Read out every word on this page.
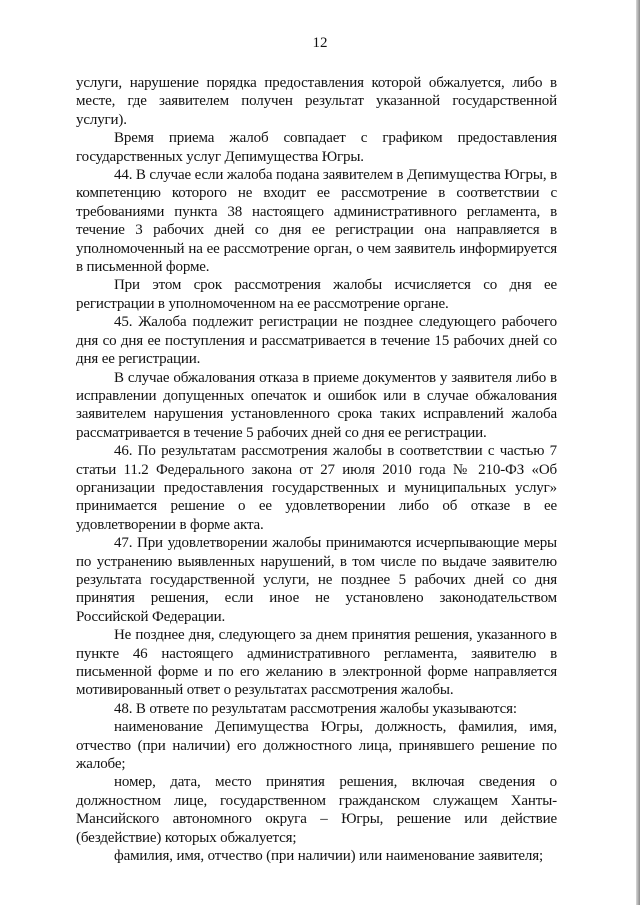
12

услуги, нарушение порядка предоставления которой обжалуется, либо в месте, где заявителем получен результат указанной государственной услуги).

Время приема жалоб совпадает с графиком предоставления государственных услуг Депимущества Югры.

44. В случае если жалоба подана заявителем в Депимущества Югры, в компетенцию которого не входит ее рассмотрение в соответствии с требованиями пункта 38 настоящего административного регламента, в течение 3 рабочих дней со дня ее регистрации она направляется в уполномоченный на ее рассмотрение орган, о чем заявитель информируется в письменной форме.

При этом срок рассмотрения жалобы исчисляется со дня ее регистрации в уполномоченном на ее рассмотрение органе.

45. Жалоба подлежит регистрации не позднее следующего рабочего дня со дня ее поступления и рассматривается в течение 15 рабочих дней со дня ее регистрации.

В случае обжалования отказа в приеме документов у заявителя либо в исправлении допущенных опечаток и ошибок или в случае обжалования заявителем нарушения установленного срока таких исправлений жалоба рассматривается в течение 5 рабочих дней со дня ее регистрации.

46. По результатам рассмотрения жалобы в соответствии с частью 7 статьи 11.2 Федерального закона от 27 июля 2010 года № 210-ФЗ «Об организации предоставления государственных и муниципальных услуг» принимается решение о ее удовлетворении либо об отказе в ее удовлетворении в форме акта.

47. При удовлетворении жалобы принимаются исчерпывающие меры по устранению выявленных нарушений, в том числе по выдаче заявителю результата государственной услуги, не позднее 5 рабочих дней со дня принятия решения, если иное не установлено законодательством Российской Федерации.

Не позднее дня, следующего за днем принятия решения, указанного в пункте 46 настоящего административного регламента, заявителю в письменной форме и по его желанию в электронной форме направляется мотивированный ответ о результатах рассмотрения жалобы.

48. В ответе по результатам рассмотрения жалобы указываются:

наименование Депимущества Югры, должность, фамилия, имя, отчество (при наличии) его должностного лица, принявшего решение по жалобе;

номер, дата, место принятия решения, включая сведения о должностном лице, государственном гражданском служащем Ханты-Мансийского автономного округа – Югры, решение или действие (бездействие) которых обжалуется;

фамилия, имя, отчество (при наличии) или наименование заявителя;
